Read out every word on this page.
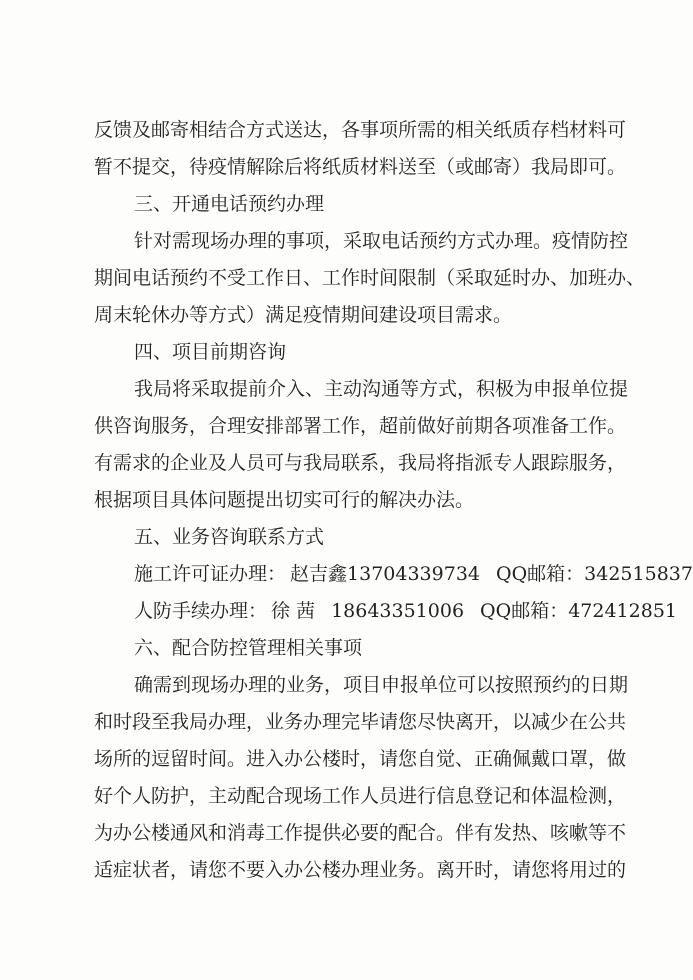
反馈及邮寄相结合方式送达，各事项所需的相关纸质存档材料可
暂不提交，待疫情解除后将纸质材料送至（或邮寄）我局即可。
三、开通电话预约办理
针对需现场办理的事项，采取电话预约方式办理。疫情防控
期间电话预约不受工作日、工作时间限制（采取延时办、加班办、
周末轮休办等方式）满足疫情期间建设项目需求。
四、项目前期咨询
我局将采取提前介入、主动沟通等方式，积极为申报单位提
供咨询服务，合理安排部署工作，超前做好前期各项准备工作。
有需求的企业及人员可与我局联系，我局将指派专人跟踪服务，
根据项目具体问题提出切实可行的解决办法。
五、业务咨询联系方式
施工许可证办理： 赵吉鑫13704339734 QQ邮箱：342515837
人防手续办理： 徐 茜 18643351006 QQ邮箱：472412851
六、配合防控管理相关事项
确需到现场办理的业务，项目申报单位可以按照预约的日期
和时段至我局办理，业务办理完毕请您尽快离开，以减少在公共
场所的逗留时间。进入办公楼时，请您自觉、正确佩戴口罩，做
好个人防护，主动配合现场工作人员进行信息登记和体温检测，
为办公楼通风和消毒工作提供必要的配合。伴有发热、咳嗽等不
适症状者，请您不要入办公楼办理业务。离开时，请您将用过的
